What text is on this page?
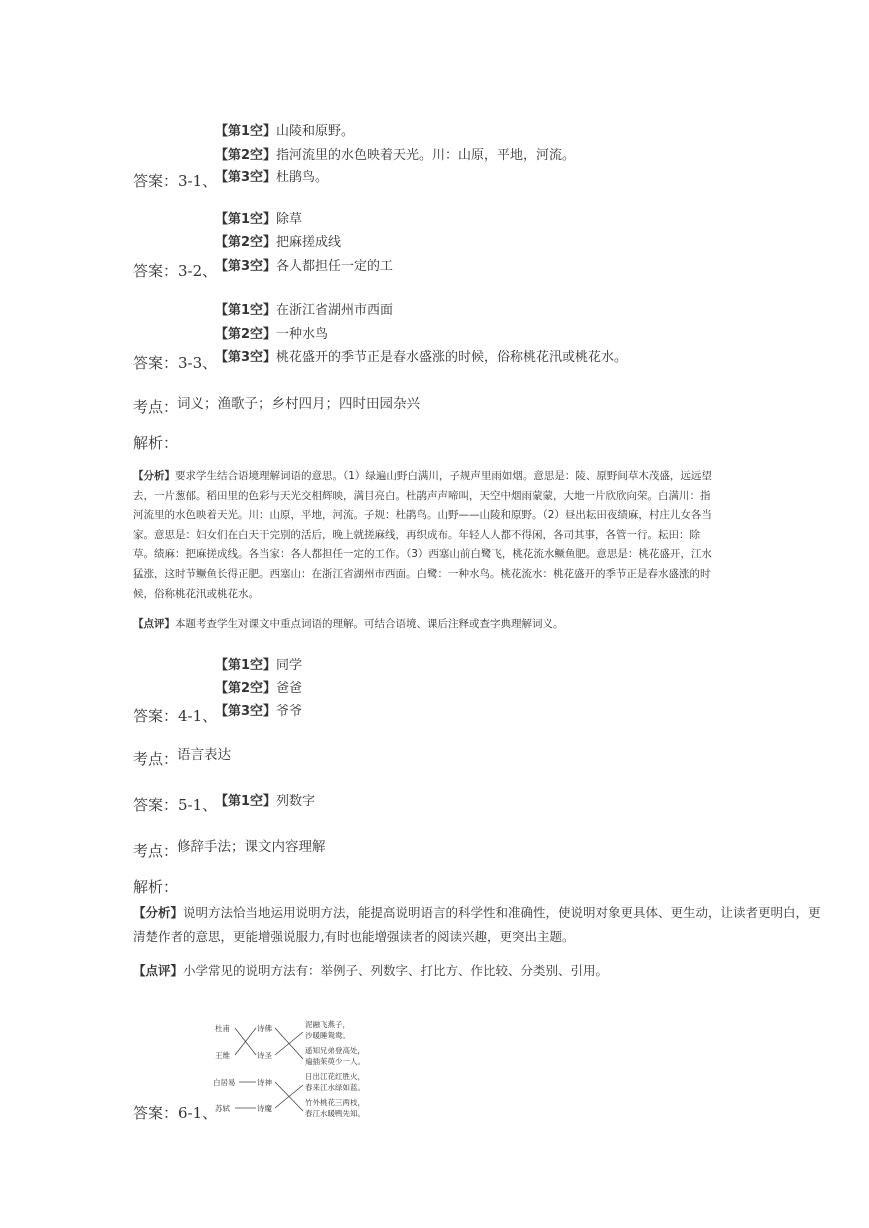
【第1空】山陵和原野。
【第2空】指河流里的水色映着天光。川：山原，平地，河流。
【第3空】杜鹃鸟。
答案：3-1、
【第1空】除草
【第2空】把麻搓成线
【第3空】各人都担任一定的工
答案：3-2、
【第1空】在浙江省湖州市西面
【第2空】一种水鸟
【第3空】桃花盛开的季节正是春水盛涨的时候，俗称桃花汛或桃花水。
答案：3-3、
考点：
词义；渔歌子；乡村四月；四时田园杂兴
解析：
【分析】要求学生结合语境理解词语的意思。（1）绿遍山野白满川，子规声里雨如烟。意思是：陵、原野间草木茂盛，远远望
去，一片葱郁。稻田里的色彩与天光交相辉映，满目亮白。杜鹃声声啼叫，天空中烟雨蒙蒙，大地一片欣欣向荣。白满川：指
河流里的水色映着天光。川：山原，平地，河流。子规：杜鹃鸟。山野——山陵和原野。（2）昼出耘田夜绩麻，村庄儿女各当
家。意思是：妇女们在白天干完别的活后，晚上就搓麻线，再织成布。年轻人人都不得闲，各司其事，各管一行。耘田：除
草。绩麻：把麻搓成线。各当家：各人都担任一定的工作。（3）西塞山前白鹭飞，桃花流水鳜鱼肥。意思是：桃花盛开，江水
猛涨，这时节鳜鱼长得正肥。西塞山：在浙江省湖州市西面。白鹭：一种水鸟。桃花流水：桃花盛开的季节正是春水盛涨的时
候，俗称桃花汛或桃花水。
【点评】本题考查学生对课文中重点词语的理解。可结合语境、课后注释或查字典理解词义。
【第1空】同学
【第2空】爸爸
【第3空】爷爷
答案：4-1、
考点：
语言表达
答案：5-1、
【第1空】列数字
考点：
修辞手法；课文内容理解
解析：
【分析】说明方法恰当地运用说明方法，能提高说明语言的科学性和准确性，使说明对象更具体、更生动，让读者更明白，更
清楚作者的意思，更能增强说服力,有时也能增强读者的阅读兴趣，更突出主题。
【点评】小学常见的说明方法有：举例子、列数字、打比方、作比较、分类别、引用。
答案：6-1、
杜甫
王维
白居易
苏轼
诗佛
诗圣
诗神
诗魔
泥融飞燕子，
沙暖睡鸳鸯。
遥知兄弟登高处，
遍插茱萸少一人。
日出江花红胜火，
春来江水绿如蓝。
竹外桃花三两枝，
春江水暖鸭先知。
